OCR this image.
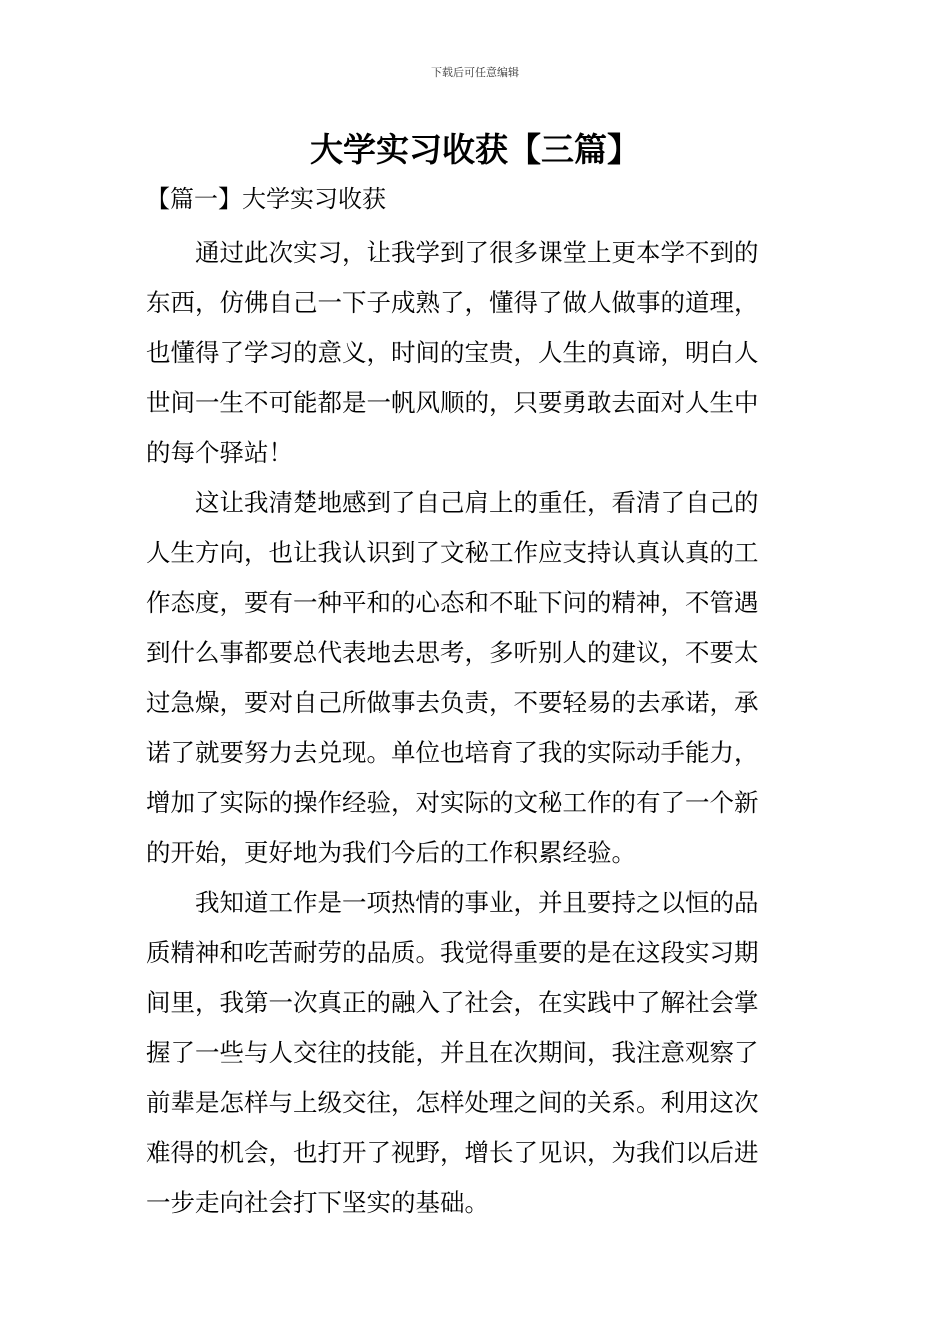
下载后可任意编辑
大学实习收获【三篇】
【篇一】大学实习收获

通过此次实习，让我学到了很多课堂上更本学不到的
东西，仿佛自己一下子成熟了，懂得了做人做事的道理，
也懂得了学习的意义，时间的宝贵，人生的真谛，明白人
世间一生不可能都是一帆风顺的，只要勇敢去面对人生中
的每个驿站！

这让我清楚地感到了自己肩上的重任，看清了自己的
人生方向，也让我认识到了文秘工作应支持认真认真的工
作态度，要有一种平和的心态和不耻下问的精神，不管遇
到什么事都要总代表地去思考，多听别人的建议，不要太
过急燥，要对自己所做事去负责，不要轻易的去承诺，承
诺了就要努力去兑现。单位也培育了我的实际动手能力，
增加了实际的操作经验，对实际的文秘工作的有了一个新
的开始，更好地为我们今后的工作积累经验。

我知道工作是一项热情的事业，并且要持之以恒的品
质精神和吃苦耐劳的品质。我觉得重要的是在这段实习期
间里，我第一次真正的融入了社会，在实践中了解社会掌
握了一些与人交往的技能，并且在次期间，我注意观察了
前辈是怎样与上级交往，怎样处理之间的关系。利用这次
难得的机会，也打开了视野，增长了见识，为我们以后进
一步走向社会打下坚实的基础。
